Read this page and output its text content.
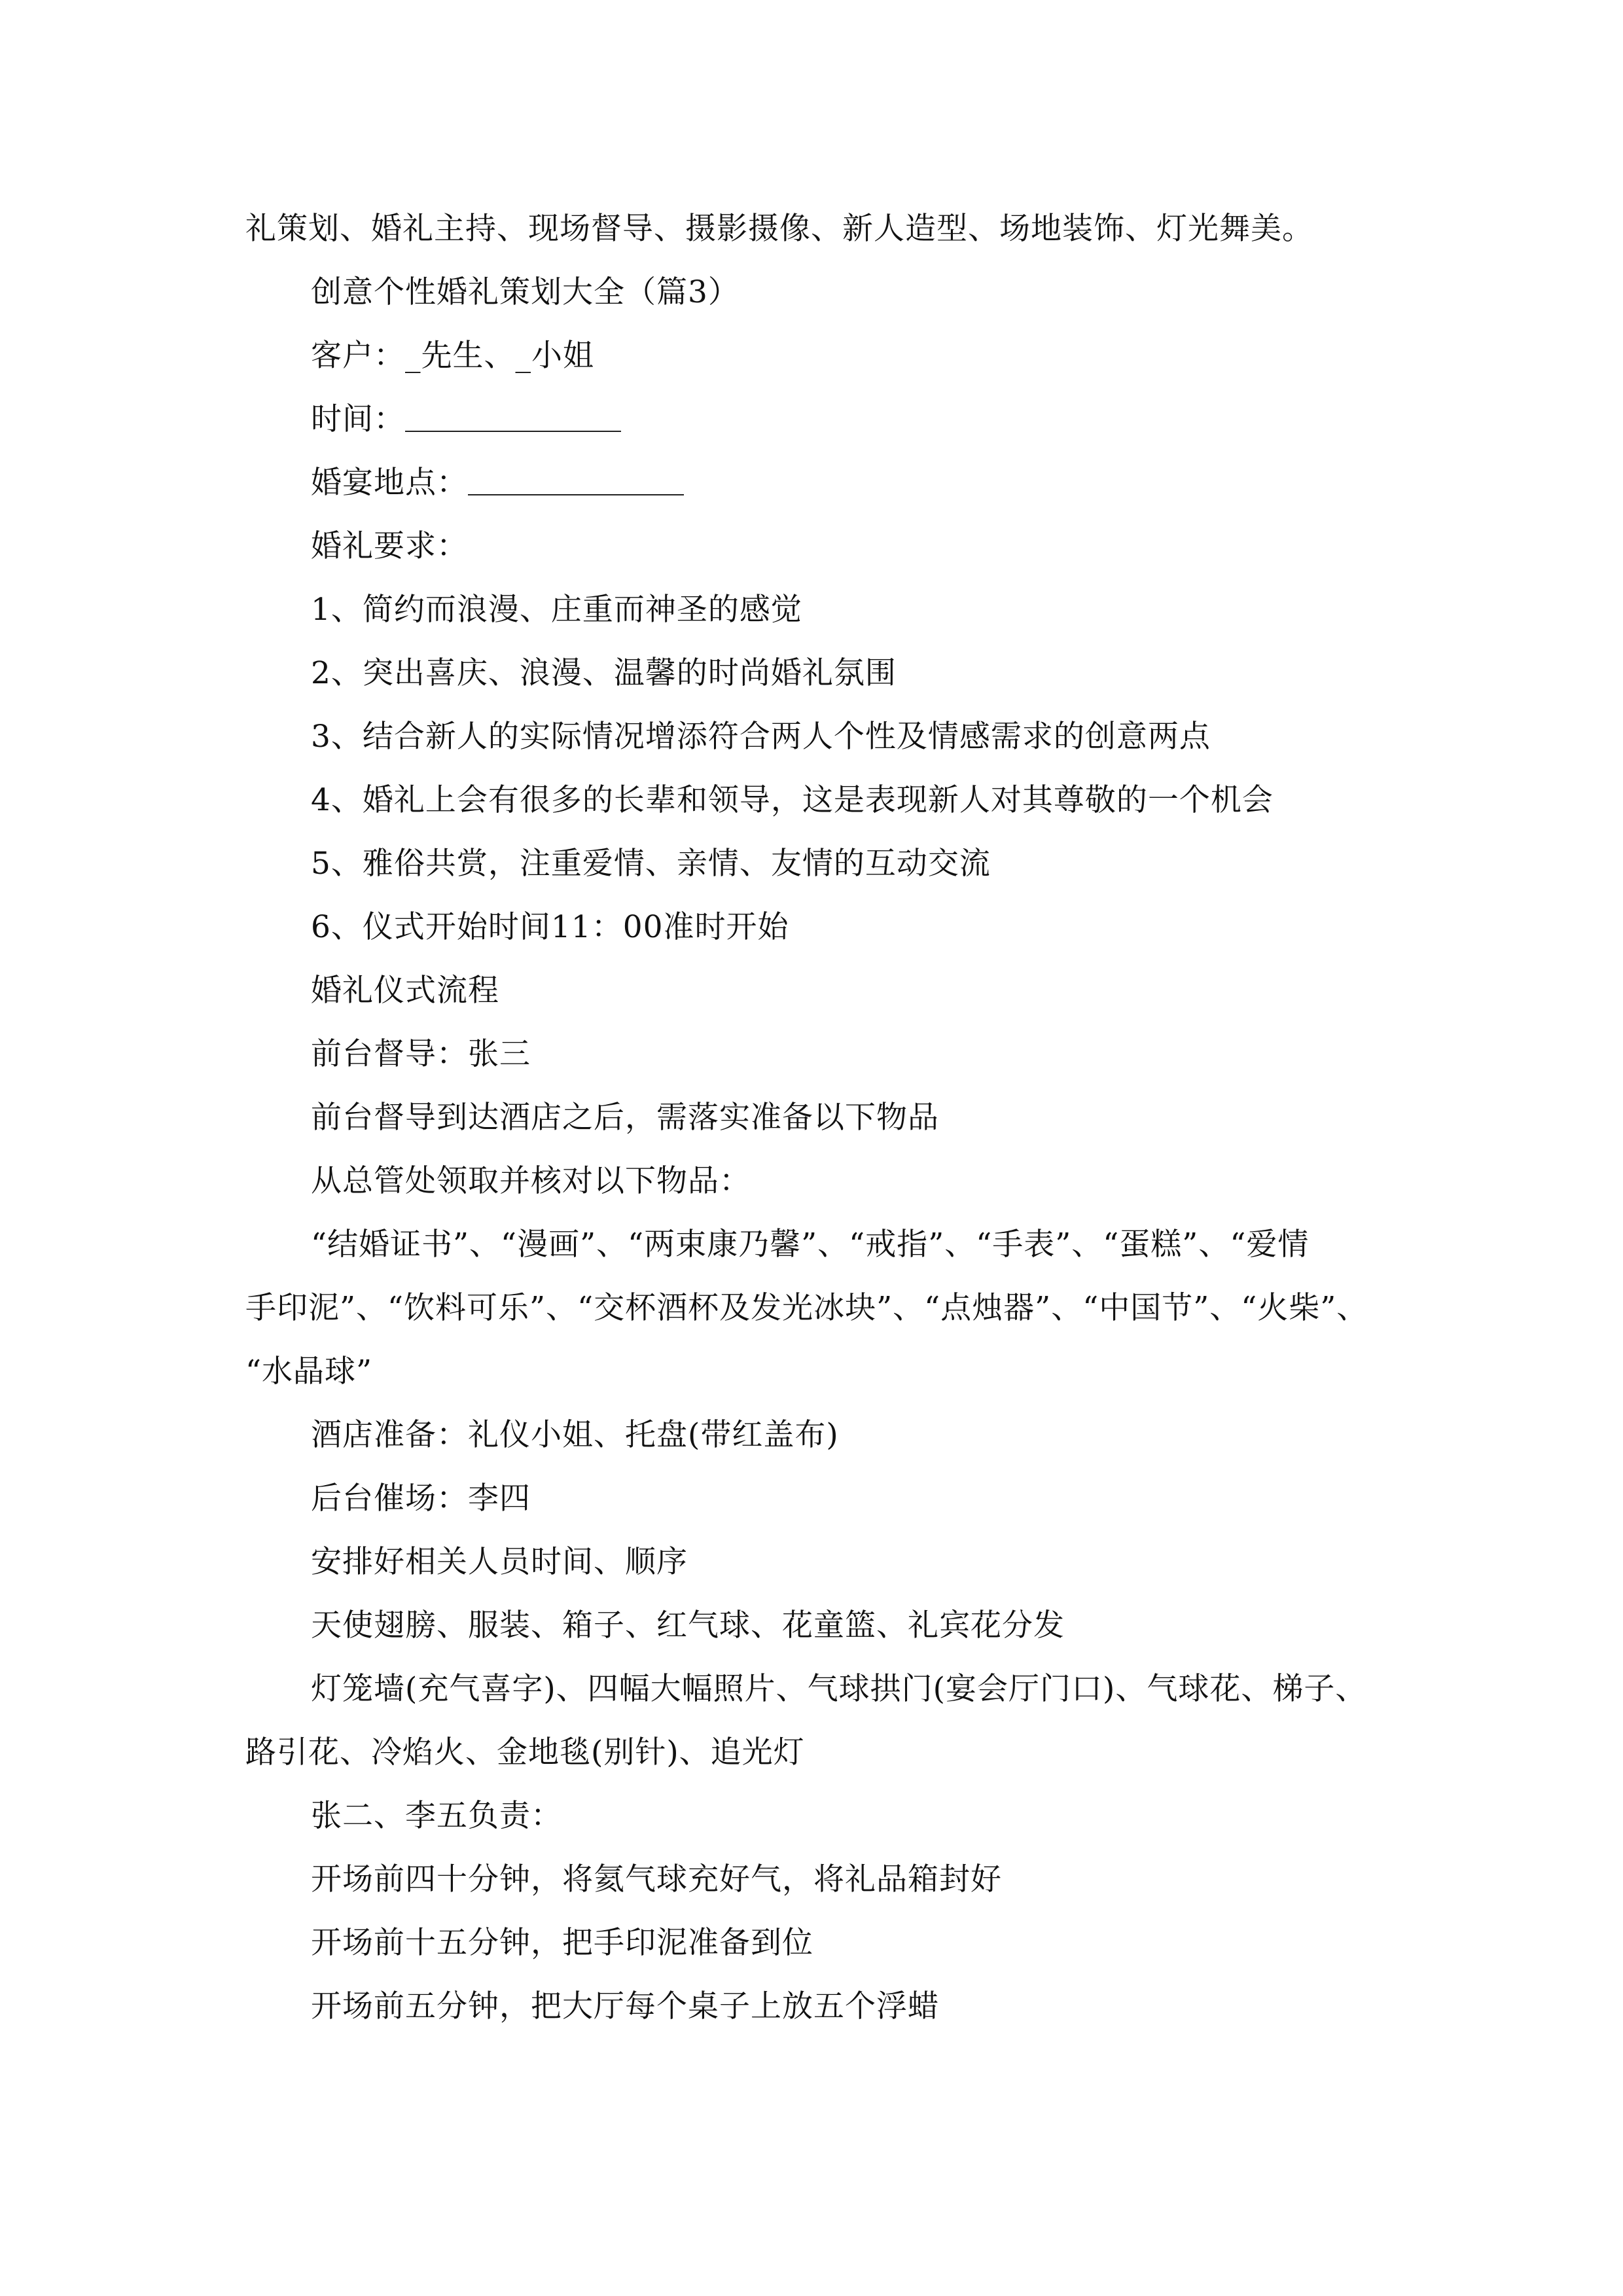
礼策划、婚礼主持、现场督导、摄影摄像、新人造型、场地装饰、灯光舞美。
创意个性婚礼策划大全（篇3）
客户：_先生、_小姐
时间：
婚宴地点：
婚礼要求：
1、简约而浪漫、庄重而神圣的感觉
2、突出喜庆、浪漫、温馨的时尚婚礼氛围
3、结合新人的实际情况增添符合两人个性及情感需求的创意两点
4、婚礼上会有很多的长辈和领导，这是表现新人对其尊敬的一个机会
5、雅俗共赏，注重爱情、亲情、友情的互动交流
6、仪式开始时间11：00准时开始
婚礼仪式流程
前台督导：张三
前台督导到达酒店之后，需落实准备以下物品
从总管处领取并核对以下物品：
“结婚证书”、“漫画”、“两束康乃馨”、“戒指”、“手表”、“蛋糕”、“爱情
手印泥”、“饮料可乐”、“交杯酒杯及发光冰块”、“点烛器”、“中国节”、“火柴”、
“水晶球”
酒店准备：礼仪小姐、托盘(带红盖布)
后台催场：李四
安排好相关人员时间、顺序
天使翅膀、服装、箱子、红气球、花童篮、礼宾花分发
灯笼墙(充气喜字)、四幅大幅照片、气球拱门(宴会厅门口)、气球花、梯子、
路引花、冷焰火、金地毯(别针)、追光灯
张二、李五负责：
开场前四十分钟，将氦气球充好气，将礼品箱封好
开场前十五分钟，把手印泥准备到位
开场前五分钟，把大厅每个桌子上放五个浮蜡
